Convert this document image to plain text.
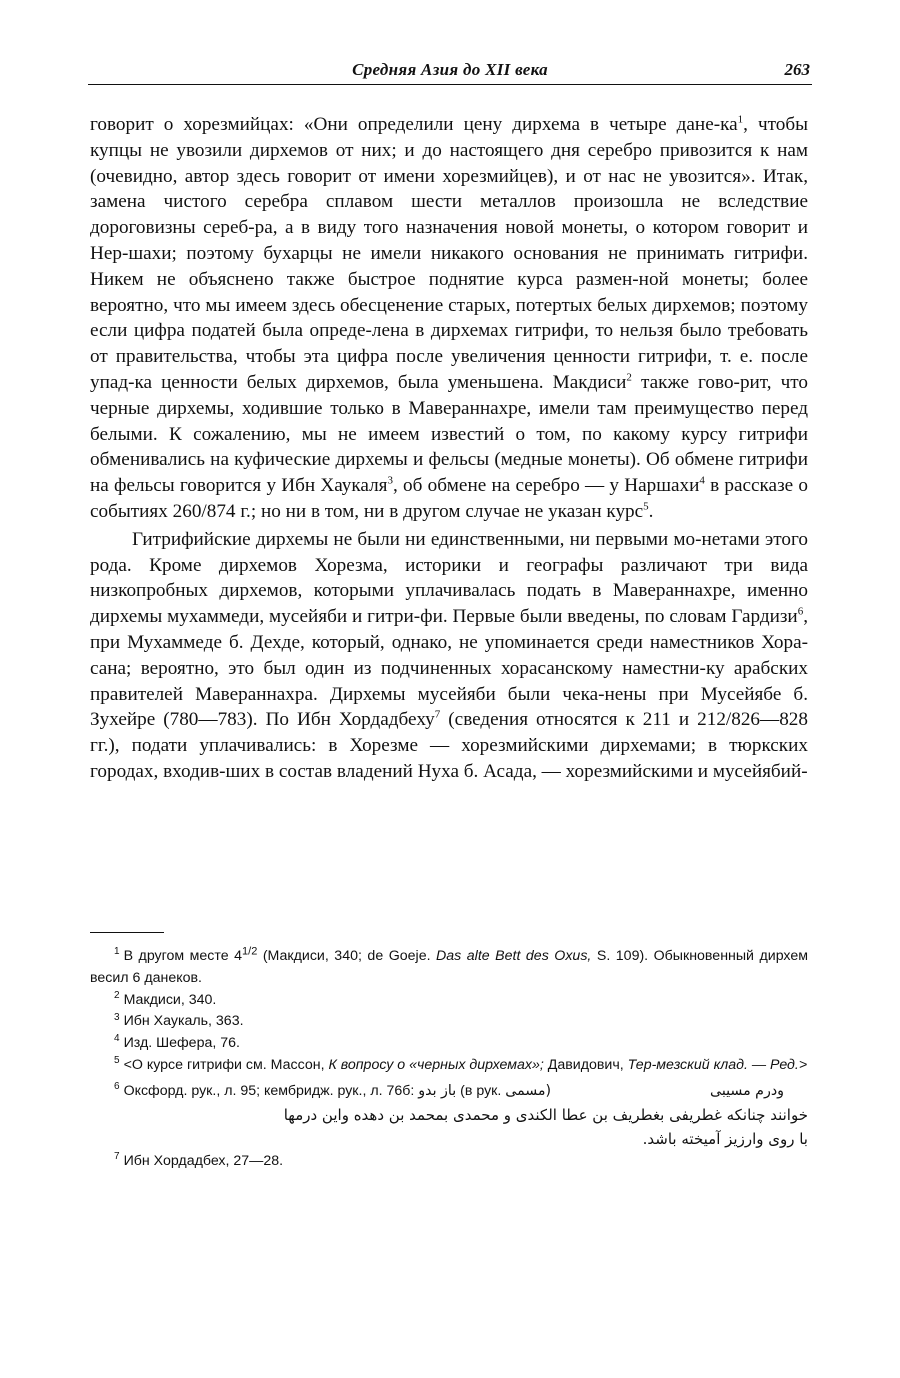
Средняя Азия до XII века	263

говорит о хорезмийцах: «Они определили цену дирхема в четыре дане-$ка^1$, чтобы купцы не увозили дирхемов от них; и до настоящего дня серебро привозится к нам (очевидно, автор здесь говорит от имени хорезмийцев), и от нас не увозится». Итак, замена чистого серебра сплавом шести металлов произошла не вследствие дороговизны сереб-ра, а в виду того назначения новой монеты, о котором говорит и Нер-шахи; поэтому бухарцы не имели никакого основания не принимать гитрифи. Никем не объяснено также быстрое поднятие курса размен-ной монеты; более вероятно, что мы имеем здесь обесценение старых, потертых белых дирхемов; поэтому если цифра податей была опреде-лена в дирхемах гитрифи, то нельзя было требовать от правительства, чтобы эта цифра после увеличения ценности гитрифи, т. е. после упад-ка ценности белых дирхемов, была уменьшена. Макдиси$^2$ также гово-рит, что черные дирхемы, ходившие только в Мавераннахре, имели там преимущество перед белыми. К сожалению, мы не имеем известий о том, по какому курсу гитрифи обменивались на куфические дирхемы и фельсы (медные монеты). Об обмене гитрифи на фельсы говорится у Ибн Хаукаля$^3$, об обмене на серебро — у Наршахи$^4$ в рассказе о событиях 260/874 г.; но ни в том, ни в другом случае не указан курс$^5$.

Гитрифийские дирхемы не были ни единственными, ни первыми мо-нетами этого рода. Кроме дирхемов Хорезма, историки и географы различают три вида низкопробных дирхемов, которыми уплачивалась подать в Мавераннахре, именно дирхемы мухаммеди, мусейяби и гитри-фи. Первые были введены, по словам Гардизи$^6$, при Мухаммеде б. Дехде, который, однако, не упоминается среди наместников Хора-сана; вероятно, это был один из подчиненных хорасанскому наместни-ку арабских правителей Мавераннахра. Дирхемы мусейяби были чека-нены при Мусейябе б. Зухейре (780—783). По Ибн Хордадбеху$^7$ (сведения относятся к 211 и 212/826—828 гг.), подати уплачивались: в Хорезме — хорезмийскими дирхемами; в тюркских городах, входив-ших в состав владений Нуха б. Асада, — хорезмийскими и мусейябий-

$^1$ В другом месте $4^{1/2}$ (Макдиси, 340; de Goeje. Das alte Bett des Oxus, S. 109). Обыкновенный дирхем весил 6 данеков.

$^2$ Макдиси, 340.

$^3$ Ибн Хаукаль, 363.

$^4$ Изд. Шефера, 76.

$^5$ <О курсе гитрифи см. Массон, К вопросу о «черных дирхемах»; Давидович, Тер-мезский клад. — Ред.>

$^6$ Оксфорд. рук., л. 95; кембридж. рук., л. 76б: باز بدو (в рук. (مسمی	ودرم مسیبی

خوانند چنانکه غطریفی بغطریف بن عطا الکندی و محمدی بمحمد بن دهده واین درمها
با روی وارزیز آمیخته باشد.

$^7$ Ибн Хордадбех, 27—28.
